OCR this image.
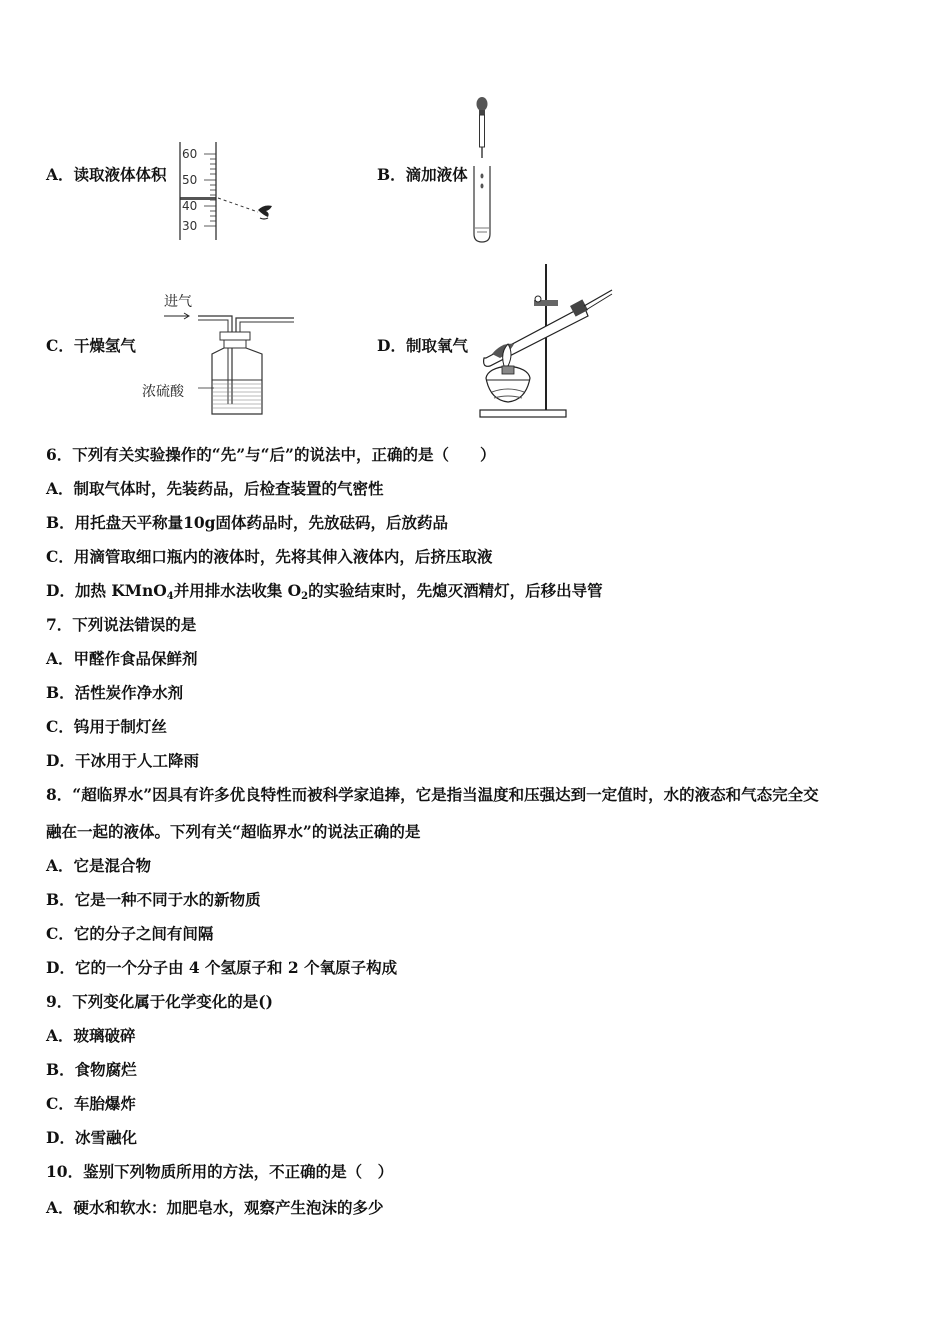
A．读取液体体积
60
50
40
30
B．滴加液体
C．干燥氢气
进气
浓硫酸
D．制取氧气
6．下列有关实验操作的“先”与“后”的说法中，正确的是（　　）
A．制取气体时，先装药品，后检查装置的气密性
B．用托盘天平称量10g固体药品时，先放砝码，后放药品
C．用滴管取细口瓶内的液体时，先将其伸入液体内，后挤压取液
D．加热 KMnO$_4$并用排水法收集 $O_2$的实验结束时，先熄灭酒精灯，后移出导管
7．下列说法错误的是
A．甲醛作食品保鲜剂
B．活性炭作净水剂
C．钨用于制灯丝
D．干冰用于人工降雨
8．“超临界水”因具有许多优良特性而被科学家追捧，它是指当温度和压强达到一定值时，水的液态和气态完全交
融在一起的液体。下列有关“超临界水”的说法正确的是
A．它是混合物
B．它是一种不同于水的新物质
C．它的分子之间有间隔
D．它的一个分子由 4 个氢原子和 2 个氧原子构成
9．下列变化属于化学变化的是()
A．玻璃破碎
B．食物腐烂
C．车胎爆炸
D．冰雪融化
10．鉴别下列物质所用的方法，不正确的是（　）
A．硬水和软水：加肥皂水，观察产生泡沫的多少
